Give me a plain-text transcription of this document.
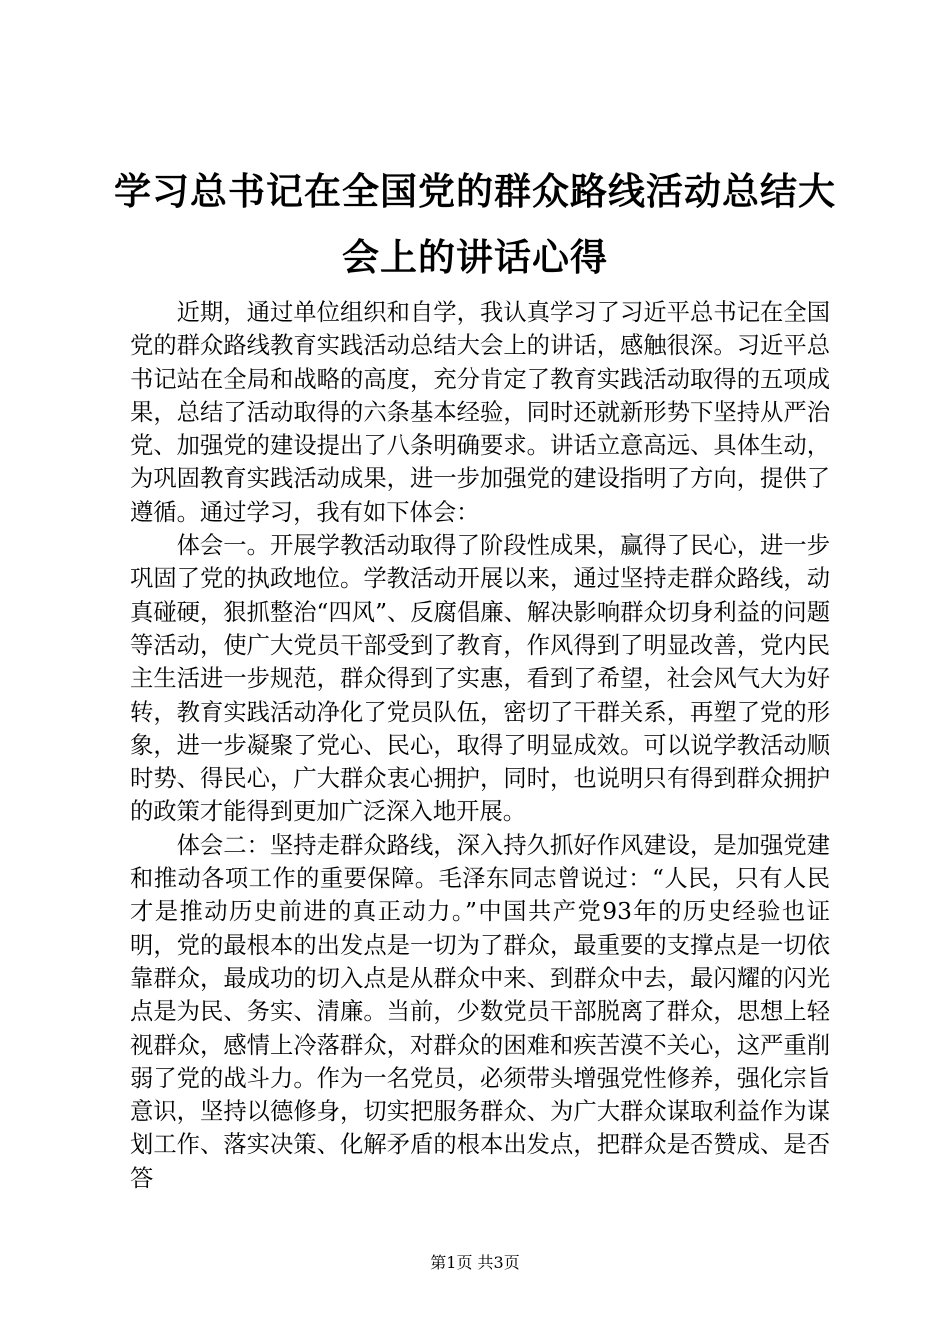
学习总书记在全国党的群众路线活动总结大会上的讲话心得

近期，通过单位组织和自学，我认真学习了习近平总书记在全国党的群众路线教育实践活动总结大会上的讲话，感触很深。习近平总书记站在全局和战略的高度，充分肯定了教育实践活动取得的五项成果，总结了活动取得的六条基本经验，同时还就新形势下坚持从严治党、加强党的建设提出了八条明确要求。讲话立意高远、具体生动，为巩固教育实践活动成果，进一步加强党的建设指明了方向，提供了遵循。通过学习，我有如下体会：

体会一。开展学教活动取得了阶段性成果，赢得了民心，进一步巩固了党的执政地位。学教活动开展以来，通过坚持走群众路线，动真碰硬，狠抓整治“四风”、反腐倡廉、解决影响群众切身利益的问题等活动，使广大党员干部受到了教育，作风得到了明显改善，党内民主生活进一步规范，群众得到了实惠，看到了希望，社会风气大为好转，教育实践活动净化了党员队伍，密切了干群关系，再塑了党的形象，进一步凝聚了党心、民心，取得了明显成效。可以说学教活动顺时势、得民心，广大群众衷心拥护，同时，也说明只有得到群众拥护的政策才能得到更加广泛深入地开展。

体会二：坚持走群众路线，深入持久抓好作风建设，是加强党建和推动各项工作的重要保障。毛泽东同志曾说过：“人民，只有人民才是推动历史前进的真正动力。”中国共产党93年的历史经验也证明，党的最根本的出发点是一切为了群众，最重要的支撑点是一切依靠群众，最成功的切入点是从群众中来、到群众中去，最闪耀的闪光点是为民、务实、清廉。当前，少数党员干部脱离了群众，思想上轻视群众，感情上冷落群众，对群众的困难和疾苦漠不关心，这严重削弱了党的战斗力。作为一名党员，必须带头增强党性修养，强化宗旨意识，坚持以德修身，切实把服务群众、为广大群众谋取利益作为谋划工作、落实决策、化解矛盾的根本出发点，把群众是否赞成、是否答

第1页 共3页
